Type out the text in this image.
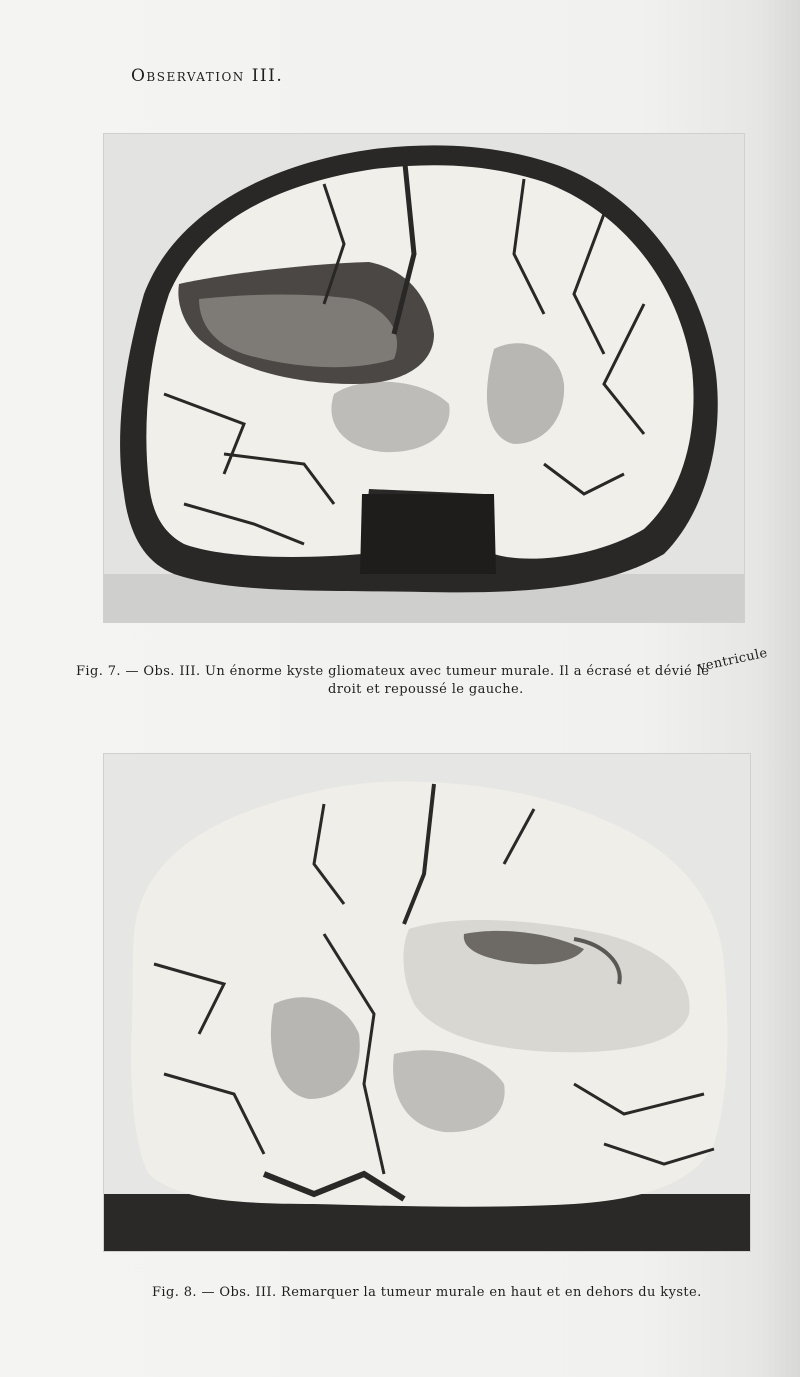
Observation III.
Fig. 7. — Obs. III. Un énorme kyste gliomateux avec tumeur murale. Il a écrasé et dévié le
ventricule
droit et repoussé le gauche.
Fig. 8. — Obs. III. Remarquer la tumeur murale en haut et en dehors du kyste.
